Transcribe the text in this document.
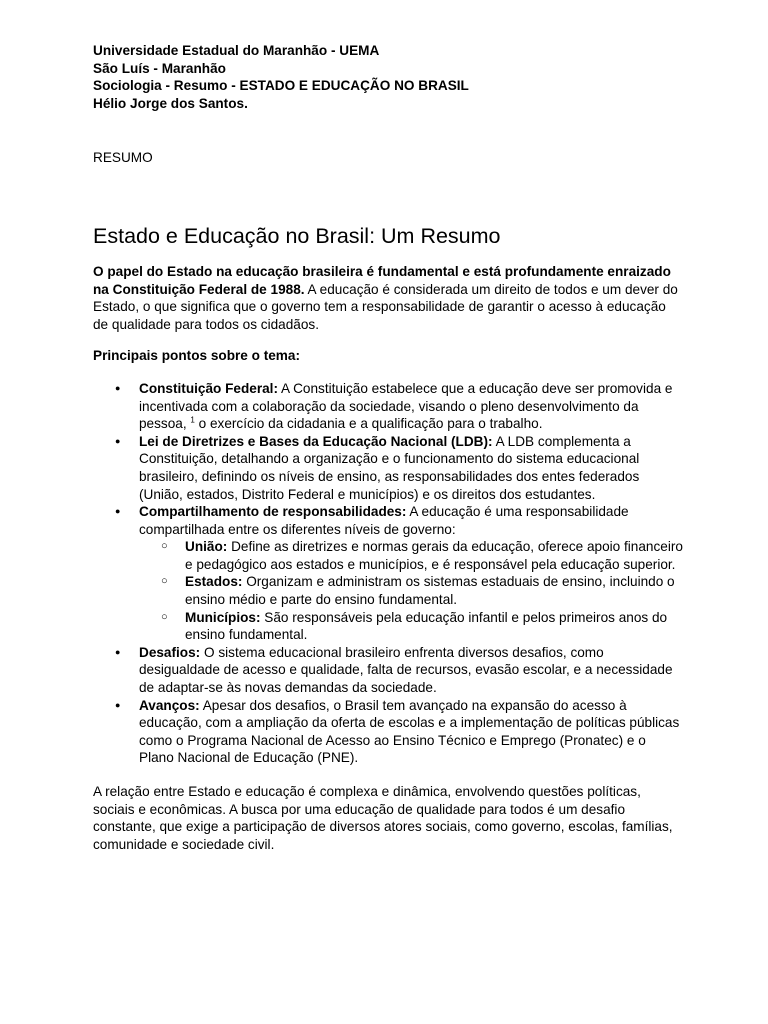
Universidade Estadual do Maranhão - UEMA
São Luís - Maranhão
Sociologia - Resumo - ESTADO E EDUCAÇÃO NO BRASIL
Hélio Jorge dos Santos.
RESUMO
Estado e Educação no Brasil: Um Resumo

O papel do Estado na educação brasileira é fundamental e está profundamente enraizado na Constituição Federal de 1988. A educação é considerada um direito de todos e um dever do Estado, o que significa que o governo tem a responsabilidade de garantir o acesso à educação de qualidade para todos os cidadãos.

Principais pontos sobre o tema:

● Constituição Federal: A Constituição estabelece que a educação deve ser promovida e incentivada com a colaboração da sociedade, visando o pleno desenvolvimento da pessoa, $^1$ o exercício da cidadania e a qualificação para o trabalho.
● Lei de Diretrizes e Bases da Educação Nacional (LDB): A LDB complementa a Constituição, detalhando a organização e o funcionamento do sistema educacional brasileiro, definindo os níveis de ensino, as responsabilidades dos entes federados (União, estados, Distrito Federal e municípios) e os direitos dos estudantes.
● Compartilhamento de responsabilidades: A educação é uma responsabilidade compartilhada entre os diferentes níveis de governo:
○ União: Define as diretrizes e normas gerais da educação, oferece apoio financeiro e pedagógico aos estados e municípios, e é responsável pela educação superior.
○ Estados: Organizam e administram os sistemas estaduais de ensino, incluindo o ensino médio e parte do ensino fundamental.
○ Municípios: São responsáveis pela educação infantil e pelos primeiros anos do ensino fundamental.
● Desafios: O sistema educacional brasileiro enfrenta diversos desafios, como desigualdade de acesso e qualidade, falta de recursos, evasão escolar, e a necessidade de adaptar-se às novas demandas da sociedade.
● Avanços: Apesar dos desafios, o Brasil tem avançado na expansão do acesso à educação, com a ampliação da oferta de escolas e a implementação de políticas públicas como o Programa Nacional de Acesso ao Ensino Técnico e Emprego (Pronatec) e o Plano Nacional de Educação (PNE).

A relação entre Estado e educação é complexa e dinâmica, envolvendo questões políticas, sociais e econômicas. A busca por uma educação de qualidade para todos é um desafio constante, que exige a participação de diversos atores sociais, como governo, escolas, famílias, comunidade e sociedade civil.
